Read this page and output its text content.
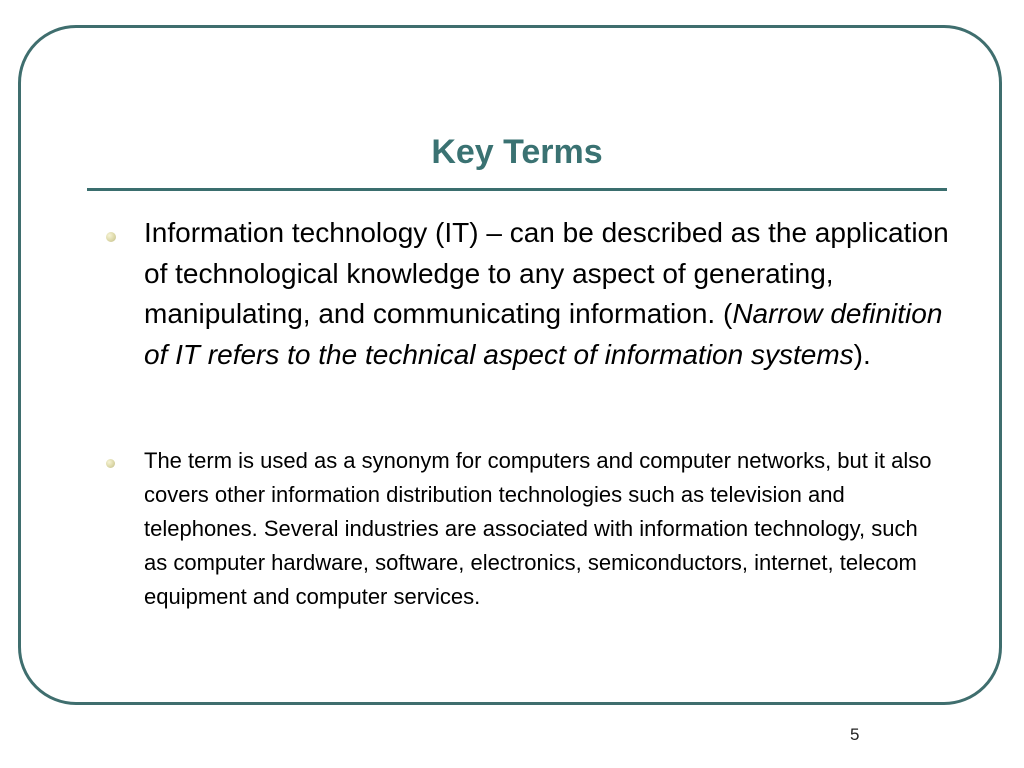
Key Terms

Information technology (IT) – can be described as the application of technological knowledge to any aspect of generating, manipulating, and communicating information. (Narrow definition of IT refers to the technical aspect of information systems).

The term is used as a synonym for computers and computer networks, but it also covers other information distribution technologies such as television and telephones. Several industries are associated with information technology, such as computer hardware, software, electronics, semiconductors, internet, telecom equipment and computer services.

5
